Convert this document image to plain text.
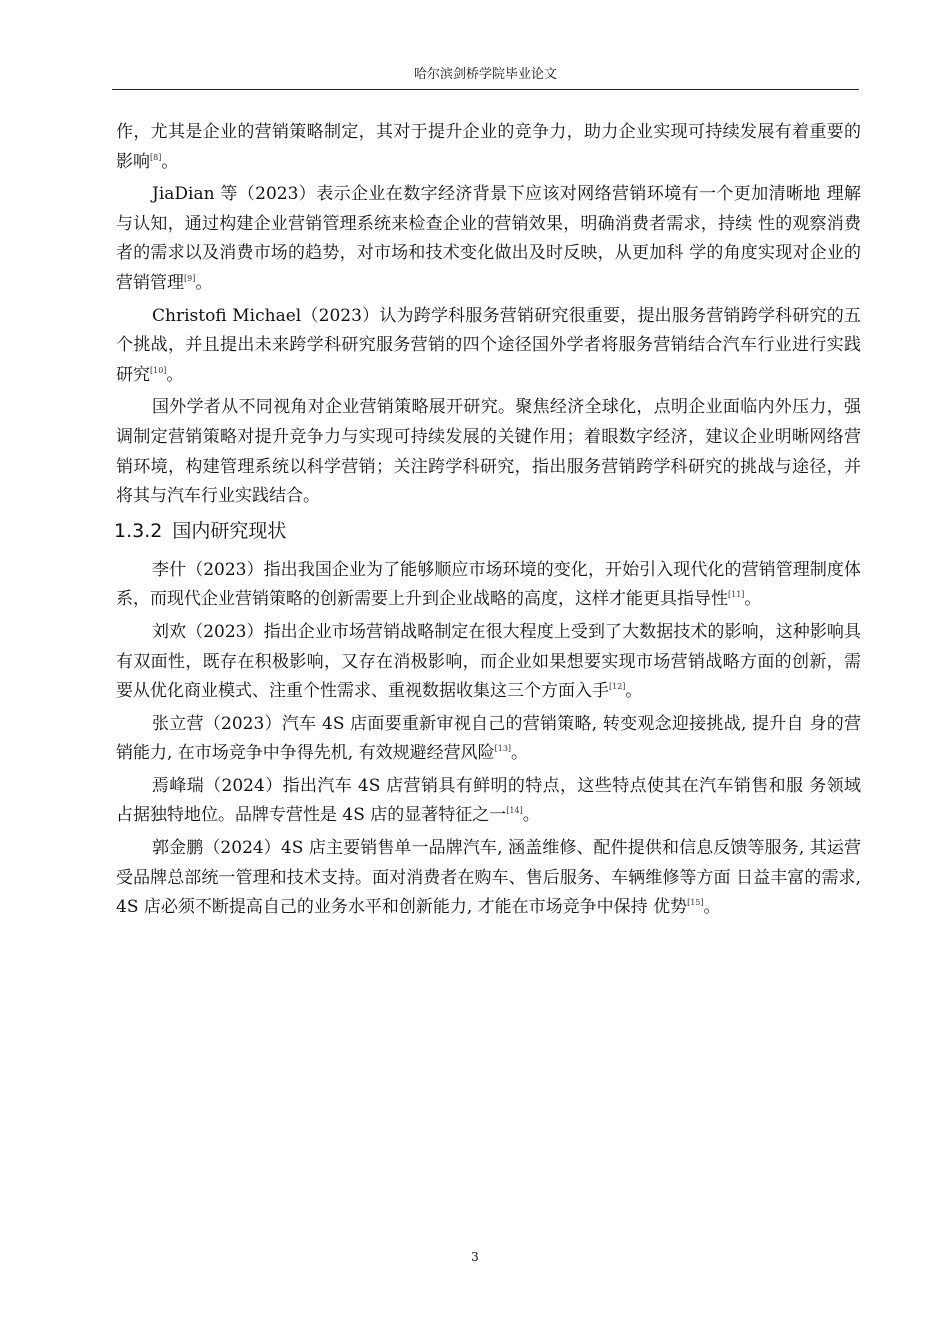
哈尔滨剑桥学院毕业论文

作，尤其是企业的营销策略制定，其对于提升企业的竞争力，助力企业实现可持续发展有着重要的影响[8]。

JiaDian 等（2023）表示企业在数字经济背景下应该对网络营销环境有一个更加清晰地 理解与认知，通过构建企业营销管理系统来检查企业的营销效果，明确消费者需求，持续 性的观察消费者的需求以及消费市场的趋势，对市场和技术变化做出及时反映，从更加科 学的角度实现对企业的营销管理[9]。

Christofi Michael（2023）认为跨学科服务营销研究很重要，提出服务营销跨学科研究的五个挑战，并且提出未来跨学科研究服务营销的四个途径国外学者将服务营销结合汽车行业进行实践研究[10]。

国外学者从不同视角对企业营销策略展开研究。聚焦经济全球化，点明企业面临内外压力，强调制定营销策略对提升竞争力与实现可持续发展的关键作用；着眼数字经济，建议企业明晰网络营销环境，构建管理系统以科学营销；关注跨学科研究，指出服务营销跨学科研究的挑战与途径，并将其与汽车行业实践结合。

1.3.2 国内研究现状

李什（2023）指出我国企业为了能够顺应市场环境的变化，开始引入现代化的营销管理制度体系，而现代企业营销策略的创新需要上升到企业战略的高度，这样才能更具指导性[11]。

刘欢（2023）指出企业市场营销战略制定在很大程度上受到了大数据技术的影响，这种影响具有双面性，既存在积极影响，又存在消极影响，而企业如果想要实现市场营销战略方面的创新，需要从优化商业模式、注重个性需求、重视数据收集这三个方面入手[12]。

张立营（2023）汽车 4S 店面要重新审视自己的营销策略, 转变观念迎接挑战, 提升自 身的营销能力, 在市场竞争中争得先机, 有效规避经营风险[13]。

焉峰瑞（2024）指出汽车 4S 店营销具有鲜明的特点，这些特点使其在汽车销售和服 务领域占据独特地位。品牌专营性是 4S 店的显著特征之一[14]。

郭金鹏（2024）4S 店主要销售单一品牌汽车, 涵盖维修、配件提供和信息反馈等服务, 其运营受品牌总部统一管理和技术支持。面对消费者在购车、售后服务、车辆维修等方面 日益丰富的需求, 4S 店必须不断提高自己的业务水平和创新能力, 才能在市场竞争中保持 优势[15]。

3
